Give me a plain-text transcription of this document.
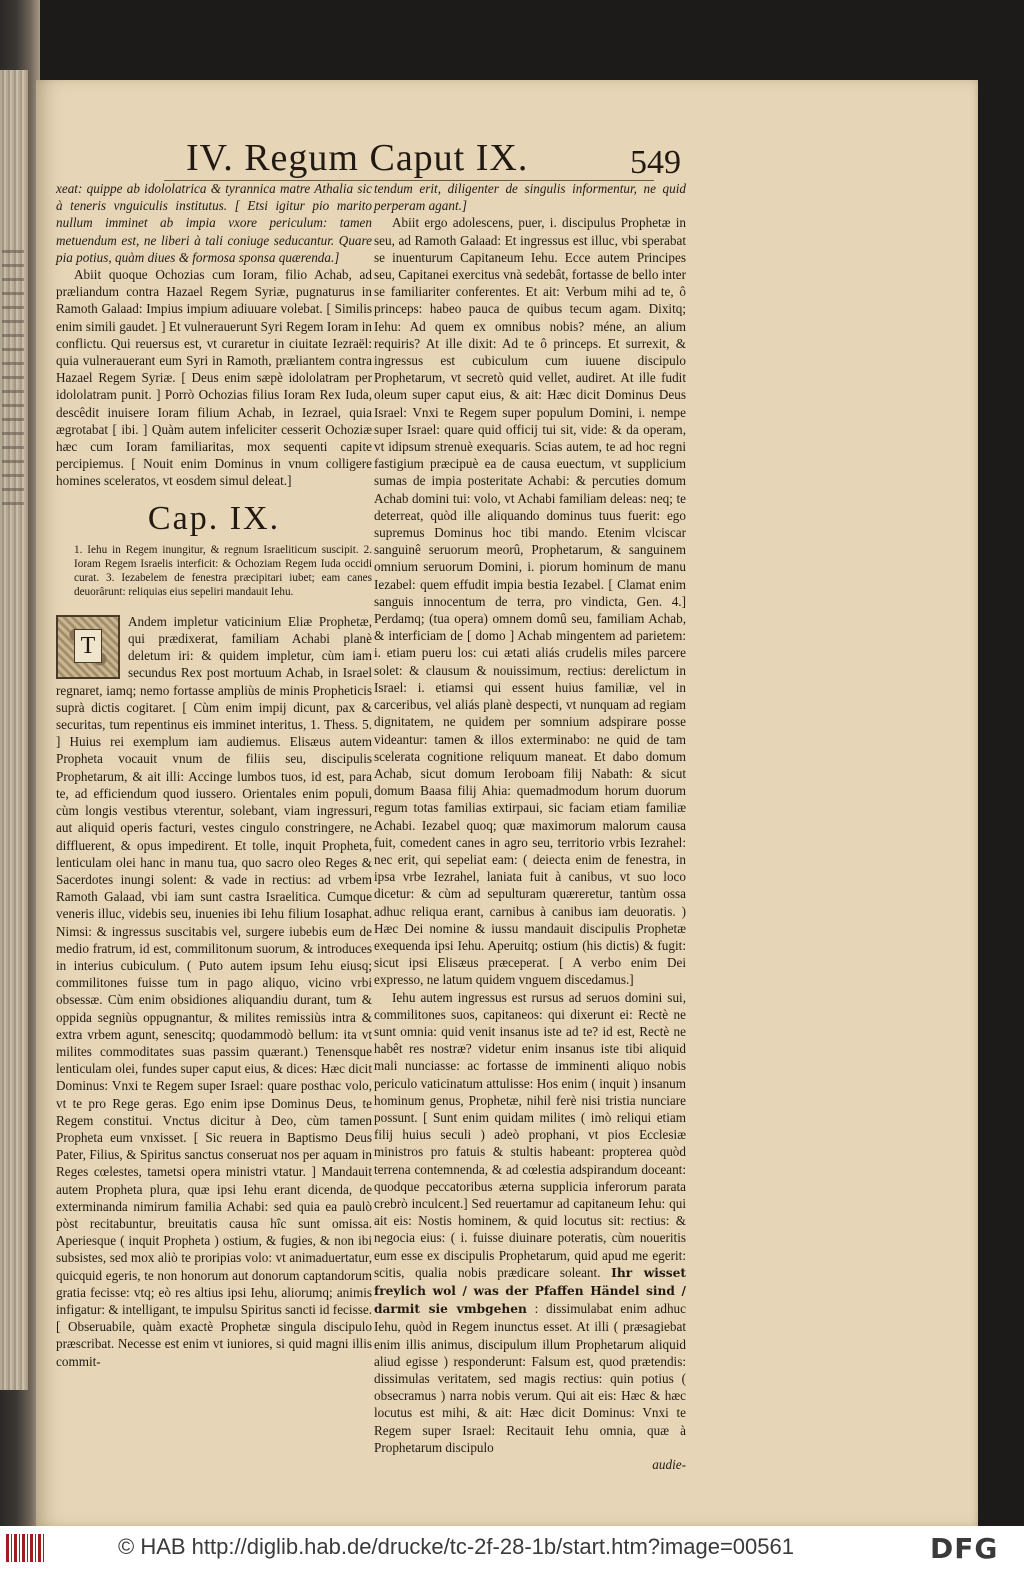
IV. Regum Caput IX.	549

xeat: quippe ab idololatrica & tyrannica matre Athalia sic à teneris vnguiculis institutus. [ Etsi igitur pio marito nullum imminet ab impia vxore periculum: tamen metuendum est, ne liberi à tali coniuge seducantur. Quare pia potius, quàm diues & formosa sponsa quærenda.]

Abiit quoque Ochozias cum Ioram, filio Achab, ad præliandum contra Hazael Regem Syriæ, pugnaturus in Ramoth Galaad: Impius impium adiuuare volebat. [ Similis enim simili gaudet. ] Et vulnerauerunt Syri Regem Ioram in conflictu. Qui reuersus est, vt curaretur in ciuitate Iezraël: quia vulnerauerant eum Syri in Ramoth, præliantem contra Hazael Regem Syriæ. [ Deus enim sæpè idololatram per idololatram punit. ] Porrò Ochozias filius Ioram Rex Iuda, descêdit inuisere Ioram filium Achab, in Iezrael, quia ægrotabat [ ibi. ] Quàm autem infeliciter cesserit Ochoziæ hæc cum Ioram familiaritas, mox sequenti capite percipiemus. [ Nouit enim Dominus in vnum colligere homines sceleratos, vt eosdem simul deleat.]

Cap. IX.

1. Iehu in Regem inungitur, & regnum Israeliticum suscipit. 2. Ioram Regem Israelis interficit: & Ochoziam Regem Iuda occidi curat. 3. Iezabelem de fenestra præcipitari iubet; eam canes deuorârunt: reliquias eius sepeliri mandauit Iehu.

T

Andem impletur vaticinium Eliæ Prophetæ, qui prædixerat, familiam Achabi planè deletum iri: & quidem impletur, cùm iam secundus Rex post mortuum Achab, in Israel regnaret, iamq; nemo fortasse ampliùs de minis Propheticis suprà dictis cogitaret. [ Cùm enim impij dicunt, pax & securitas, tum repentinus eis imminet interitus, 1. Thess. 5. ] Huius rei exemplum iam audiemus. Elisæus autem Propheta vocauit vnum de filiis seu, discipulis Prophetarum, & ait illi: Accinge lumbos tuos, id est, para te, ad efficiendum quod iussero. Orientales enim populi, cùm longis vestibus vterentur, solebant, viam ingressuri, aut aliquid operis facturi, vestes cingulo constringere, ne diffluerent, & opus impedirent. Et tolle, inquit Propheta, lenticulam olei hanc in manu tua, quo sacro oleo Reges & Sacerdotes inungi solent: & vade in rectius: ad vrbem Ramoth Galaad, vbi iam sunt castra Israelitica. Cumque veneris illuc, videbis seu, inuenies ibi Iehu filium Iosaphat. Nimsi: & ingressus suscitabis vel, surgere iubebis eum de medio fratrum, id est, commilitonum suorum, & introduces in interius cubiculum. ( Puto autem ipsum Iehu eiusq; commilitones fuisse tum in pago aliquo, vicino vrbi obsessæ. Cùm enim obsidiones aliquandiu durant, tum & oppida segniùs oppugnantur, & milites remissiùs intra & extra vrbem agunt, senescitq; quodammodò bellum: ita vt milites commoditates suas passim quærant.) Tenensque lenticulam olei, fundes super caput eius, & dices: Hæc dicit Dominus: Vnxi te Regem super Israel: quare posthac volo, vt te pro Rege geras. Ego enim ipse Dominus Deus, te Regem constitui. Vnctus dicitur à Deo, cùm tamen Propheta eum vnxisset. [ Sic reuera in Baptismo Deus Pater, Filius, & Spiritus sanctus conseruat nos per aquam in Reges cœlestes, tametsi opera ministri vtatur. ] Mandauit autem Propheta plura, quæ ipsi Iehu erant dicenda, de exterminanda nimirum familia Achabi: sed quia ea paulò pòst recitabuntur, breuitatis causa hîc sunt omissa. Aperiesque ( inquit Propheta ) ostium, & fugies, & non ibi subsistes, sed mox aliò te proripias volo: vt animaduertatur, quicquid egeris, te non honorum aut donorum captandorum gratia fecisse: vtq; eò res altius ipsi Iehu, aliorumq; animis infigatur: & intelligant, te impulsu Spiritus sancti id fecisse. [ Obseruabile, quàm exactè Prophetæ singula discipulo præscribat. Necesse est enim vt iuniores, si quid magni illis commit-

tendum erit, diligenter de singulis informentur, ne quid perperam agant.]

Abiit ergo adolescens, puer, i. discipulus Prophetæ in seu, ad Ramoth Galaad: Et ingressus est illuc, vbi sperabat se inuenturum Capitaneum Iehu. Ecce autem Principes seu, Capitanei exercitus vnà sedebât, fortasse de bello inter se familiariter conferentes. Et ait: Verbum mihi ad te, ô princeps: habeo pauca de quibus tecum agam. Dixitq; Iehu: Ad quem ex omnibus nobis? méne, an alium requiris? At ille dixit: Ad te ô princeps. Et surrexit, & ingressus est cubiculum cum iuuene discipulo Prophetarum, vt secretò quid vellet, audiret. At ille fudit oleum super caput eius, & ait: Hæc dicit Dominus Deus Israel: Vnxi te Regem super populum Domini, i. nempe super Israel: quare quid officij tui sit, vide: & da operam, vt idipsum strenuè exequaris. Scias autem, te ad hoc regni fastigium præcipuè ea de causa euectum, vt supplicium sumas de impia posteritate Achabi: & percuties domum Achab domini tui: volo, vt Achabi familiam deleas: neq; te deterreat, quòd ille aliquando dominus tuus fuerit: ego supremus Dominus hoc tibi mando. Etenim vlciscar sanguinê seruorum meorû, Prophetarum, & sanguinem omnium seruorum Domini, i. piorum hominum de manu Iezabel: quem effudit impia bestia Iezabel. [ Clamat enim sanguis innocentum de terra, pro vindicta, Gen. 4.] Perdamq; (tua opera) omnem domû seu, familiam Achab, & interficiam de [ domo ] Achab mingentem ad parietem: i. etiam pueru los: cui ætati aliás crudelis miles parcere solet: & clausum & nouissimum, rectius: derelictum in Israel: i. etiamsi qui essent huius familiæ, vel in carceribus, vel aliás planè despecti, vt nunquam ad regiam dignitatem, ne quidem per somnium adspirare posse videantur: tamen & illos exterminabo: ne quid de tam scelerata cognitione reliquum maneat. Et dabo domum Achab, sicut domum Ieroboam filij Nabath: & sicut domum Baasa filij Ahia: quemadmodum horum duorum regum totas familias extirpaui, sic faciam etiam familiæ Achabi. Iezabel quoq; quæ maximorum malorum causa fuit, comedent canes in agro seu, territorio vrbis Iezrahel: nec erit, qui sepeliat eam: ( deiecta enim de fenestra, in ipsa vrbe Iezrahel, laniata fuit à canibus, vt suo loco dicetur: & cùm ad sepulturam quæreretur, tantùm ossa adhuc reliqua erant, carnibus à canibus iam deuoratis. ) Hæc Dei nomine & iussu mandauit discipulis Prophetæ exequenda ipsi Iehu. Aperuitq; ostium (his dictis) & fugit: sicut ipsi Elisæus præceperat. [ A verbo enim Dei expresso, ne latum quidem vnguem discedamus.]

Iehu autem ingressus est rursus ad seruos domini sui, commilitones suos, capitaneos: qui dixerunt ei: Rectè ne sunt omnia: quid venit insanus iste ad te? id est, Rectè ne habêt res nostræ? videtur enim insanus iste tibi aliquid mali nunciasse: ac fortasse de imminenti aliquo nobis periculo vaticinatum attulisse: Hos enim ( inquit ) insanum hominum genus, Prophetæ, nihil ferè nisi tristia nunciare possunt. [ Sunt enim quidam milites ( imò reliqui etiam filij huius seculi ) adeò prophani, vt pios Ecclesiæ ministros pro fatuis & stultis habeant: propterea quòd terrena contemnenda, & ad cœlestia adspirandum doceant: quodque peccatoribus æterna supplicia inferorum parata crebrò inculcent.] Sed reuertamur ad capitaneum Iehu: qui ait eis: Nostis hominem, & quid locutus sit: rectius: & negocia eius: ( i. fuisse diuinare poteratis, cùm noueritis eum esse ex discipulis Prophetarum, quid apud me egerit: scitis, qualia nobis prædicare soleant. Ihr wisset freylich wol / was der Pfaffen Händel sind / darmit sie vmbgehen : dissimulabat enim adhuc Iehu, quòd in Regem inunctus esset. At illi ( præsagiebat enim illis animus, discipulum illum Prophetarum aliquid aliud egisse ) responderunt: Falsum est, quod prætendis: dissimulas veritatem, sed magis rectius: quin potius ( obsecramus ) narra nobis verum. Qui ait eis: Hæc & hæc locutus est mihi, & ait: Hæc dicit Dominus: Vnxi te Regem super Israel: Recitauit Iehu omnia, quæ à Prophetarum discipulo

audie-

© HAB http://diglib.hab.de/drucke/tc-2f-28-1b/start.htm?image=00561	DFG
